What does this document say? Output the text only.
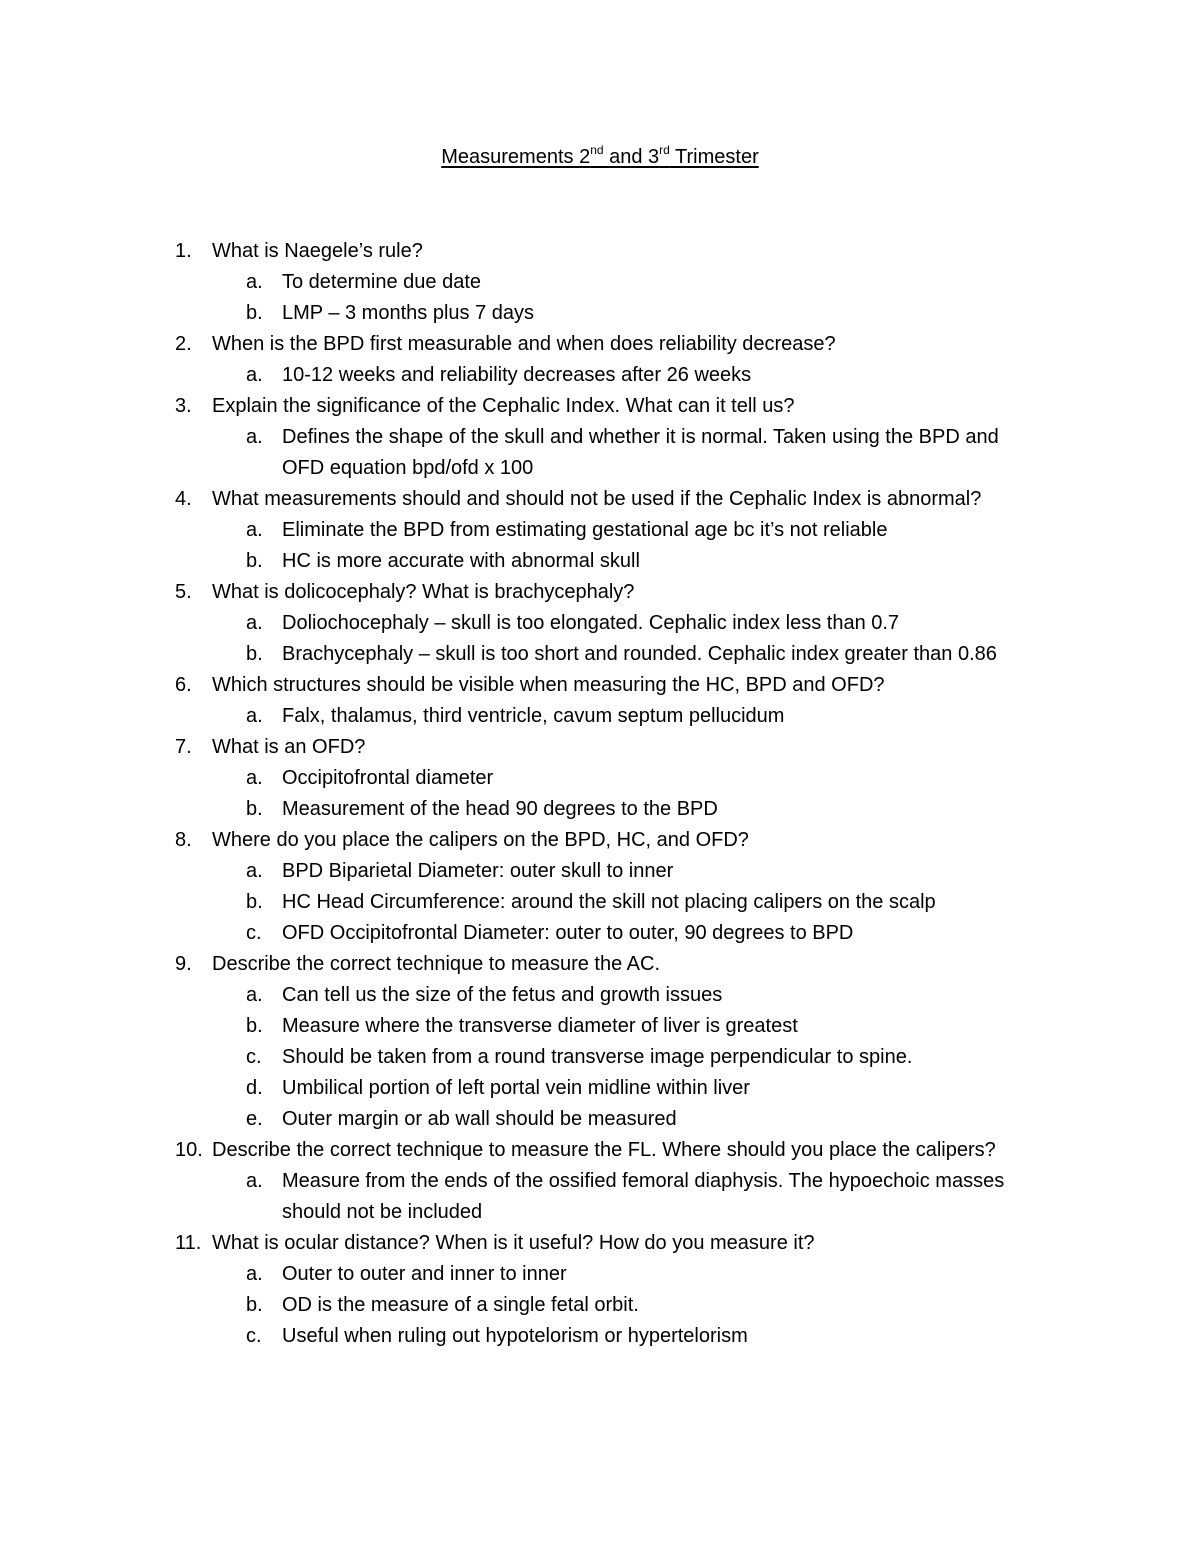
Measurements 2nd and 3rd Trimester
1. What is Naegele’s rule?
a. To determine due date
b. LMP – 3 months plus 7 days
2. When is the BPD first measurable and when does reliability decrease?
a. 10-12 weeks and reliability decreases after 26 weeks
3. Explain the significance of the Cephalic Index. What can it tell us?
a. Defines the shape of the skull and whether it is normal. Taken using the BPD and
OFD equation bpd/ofd x 100
4. What measurements should and should not be used if the Cephalic Index is abnormal?
a. Eliminate the BPD from estimating gestational age bc it’s not reliable
b. HC is more accurate with abnormal skull
5. What is dolicocephaly? What is brachycephaly?
a. Doliochocephaly – skull is too elongated. Cephalic index less than 0.7
b. Brachycephaly – skull is too short and rounded. Cephalic index greater than 0.86
6. Which structures should be visible when measuring the HC, BPD and OFD?
a. Falx, thalamus, third ventricle, cavum septum pellucidum
7. What is an OFD?
a. Occipitofrontal diameter
b. Measurement of the head 90 degrees to the BPD
8. Where do you place the calipers on the BPD, HC, and OFD?
a. BPD Biparietal Diameter: outer skull to inner
b. HC Head Circumference: around the skill not placing calipers on the scalp
c. OFD Occipitofrontal Diameter: outer to outer, 90 degrees to BPD
9. Describe the correct technique to measure the AC.
a. Can tell us the size of the fetus and growth issues
b. Measure where the transverse diameter of liver is greatest
c. Should be taken from a round transverse image perpendicular to spine.
d. Umbilical portion of left portal vein midline within liver
e. Outer margin or ab wall should be measured
10. Describe the correct technique to measure the FL. Where should you place the calipers?
a. Measure from the ends of the ossified femoral diaphysis. The hypoechoic masses
should not be included
11. What is ocular distance? When is it useful? How do you measure it?
a. Outer to outer and inner to inner
b. OD is the measure of a single fetal orbit.
c. Useful when ruling out hypotelorism or hypertelorism
